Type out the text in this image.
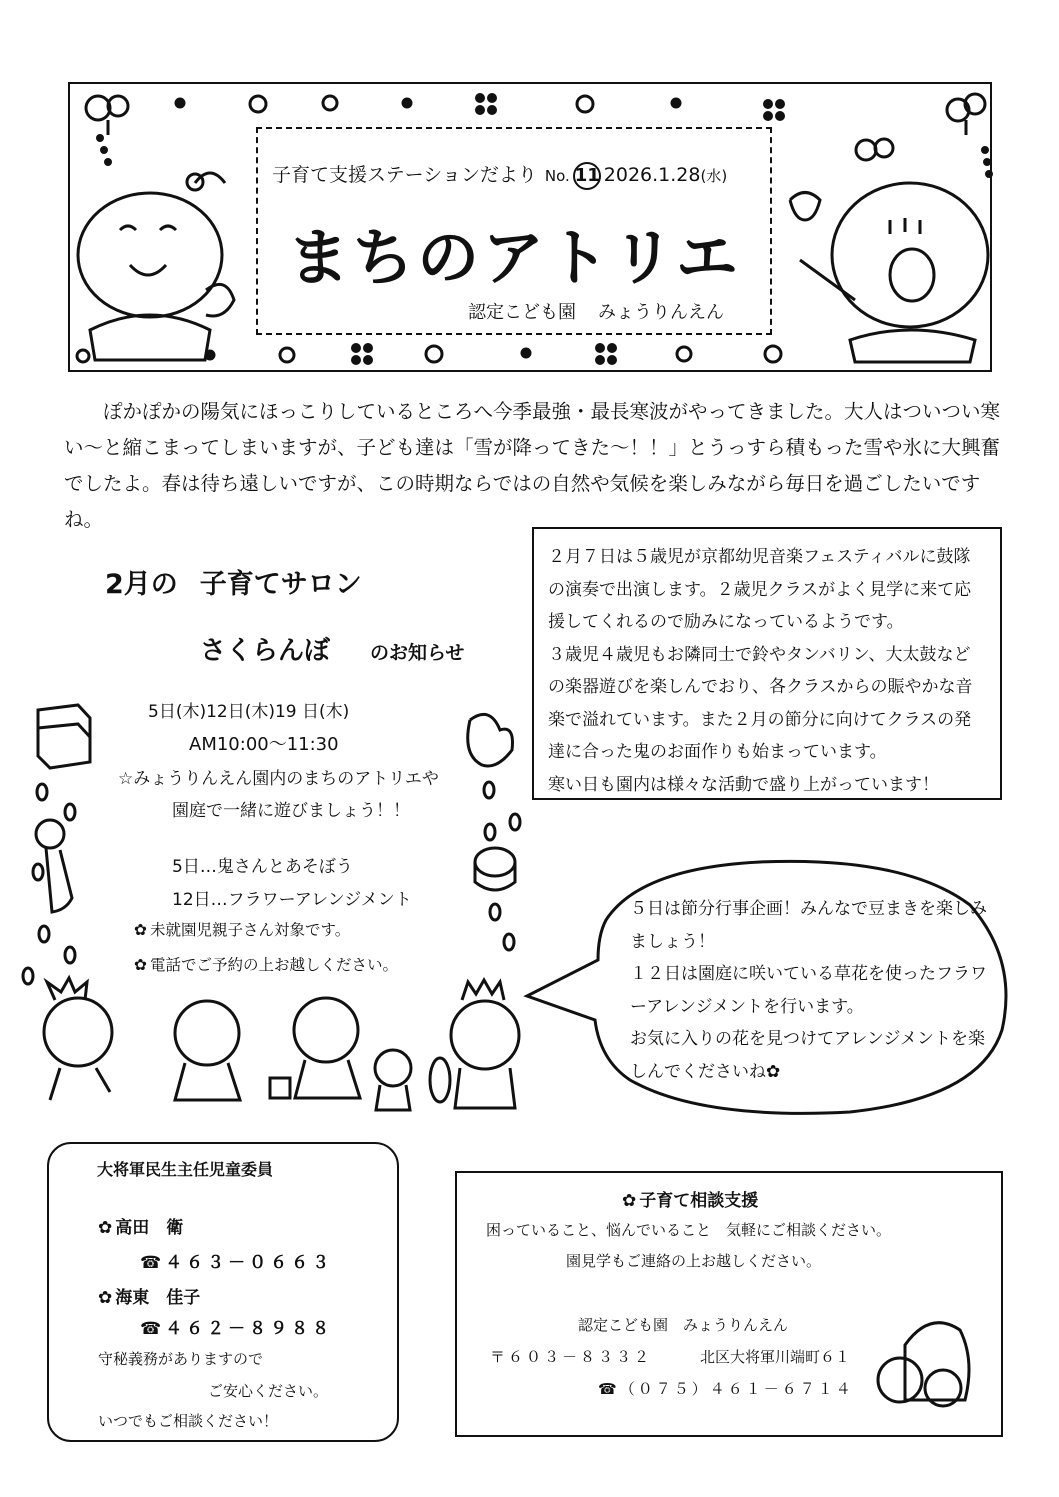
子育て支援ステーションだより No. 11 2026.1.28(水)
まちのアトリエ
認定こども園 みょうりんえん
ぽかぽかの陽気にほっこりしているところへ今季最強・最長寒波がやってきました。大人はついつい寒い～と縮こまってしまいますが、子ども達は「雪が降ってきた～！！」とうっすら積もった雪や氷に大興奮でしたよ。春は待ち遠しいですが、この時期ならではの自然や気候を楽しみながら毎日を過ごしたいですね。

２月７日は５歳児が京都幼児音楽フェスティバルに鼓隊の演奏で出演します。２歳児クラスがよく見学に来て応援してくれるので励みになっているようです。

３歳児４歳児もお隣同士で鈴やタンバリン、大太鼓などの楽器遊びを楽しんでおり、各クラスからの賑やかな音楽で溢れています。また２月の節分に向けてクラスの発達に合った鬼のお面作りも始まっています。

寒い日も園内は様々な活動で盛り上がっています！

2月の 子育てサロン
さくらんぼ のお知らせ
5日(木)12日(木)19 日(木)
AM10:00～11:30
☆みょうりんえん園内のまちのアトリエや
園庭で一緒に遊びましょう！！
5日…鬼さんとあそぼう
12日…フラワーアレンジメント
✿ 未就園児親子さん対象です。
✿ 電話でご予約の上お越しください。

５日は節分行事企画！みんなで豆まきを楽しみましょう！

１２日は園庭に咲いている草花を使ったフラワーアレンジメントを行います。

お気に入りの花を見つけてアレンジメントを楽しんでくださいね✿

大将軍民生主任児童委員
✿ 高田　衛
☎４６３－０６６３
✿ 海東　佳子
☎４６２－８９８８
守秘義務がありますので
ご安心ください。
いつでもご相談ください！
✿ 子育て相談支援
困っていること、悩んでいること　気軽にご相談ください。
園見学もご連絡の上お越しください。
認定こども園　みょうりんえん
〒６０３－８３３２	北区大将軍川端町６１
☎（０７５）４６１－６７１４
